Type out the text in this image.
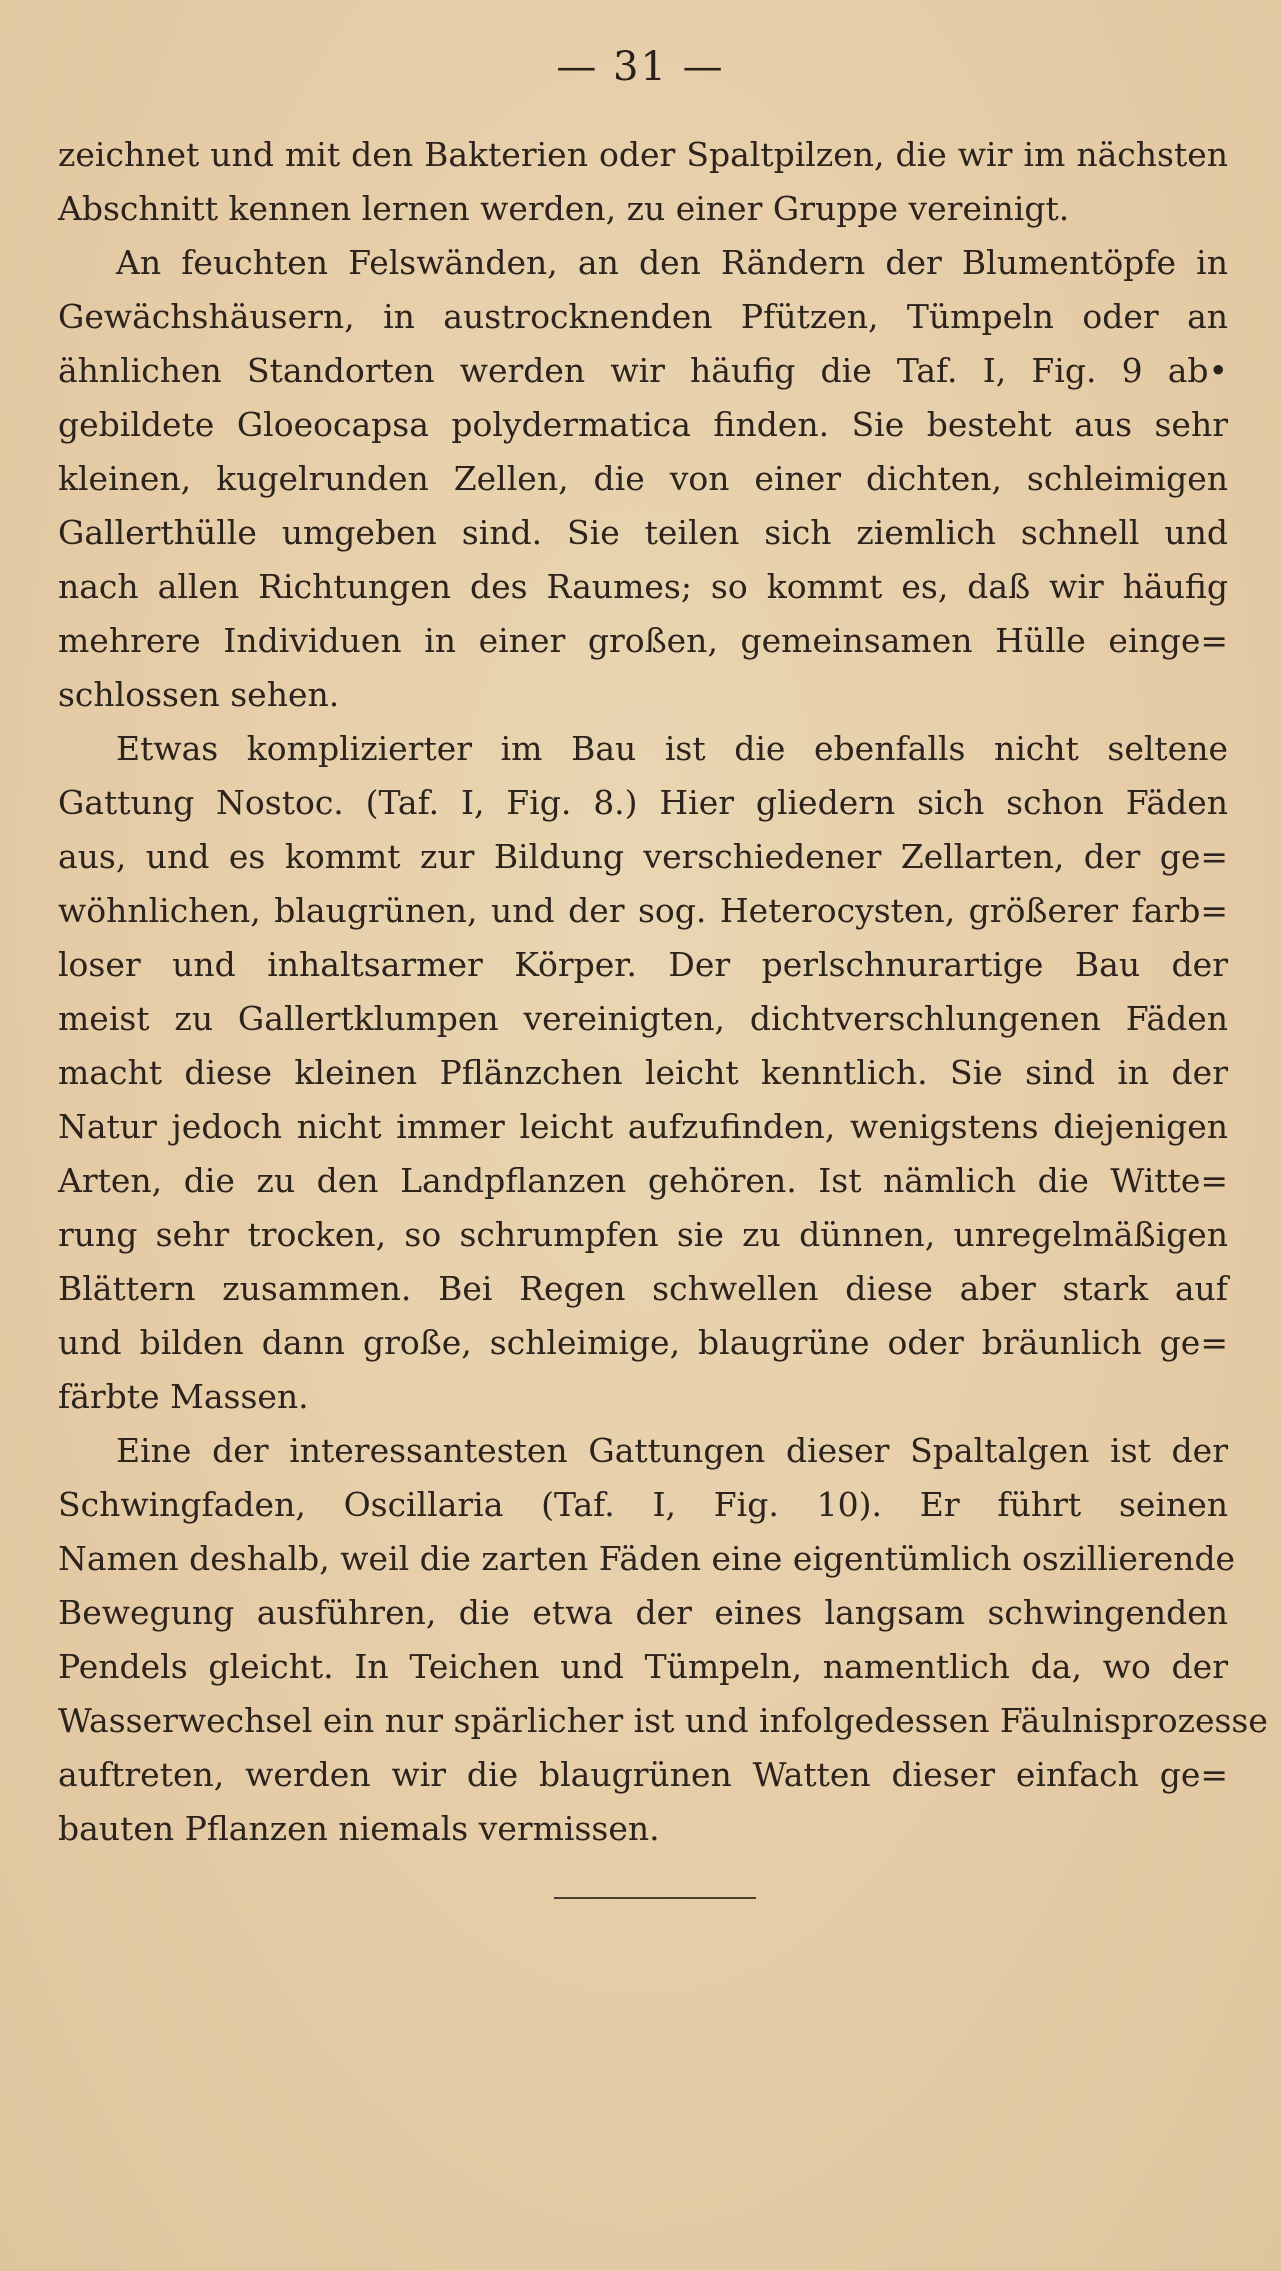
— 31 —
zeichnet und mit den Bakterien oder Spaltpilzen, die wir im nächsten
Abschnitt kennen lernen werden, zu einer Gruppe vereinigt.
An feuchten Felswänden, an den Rändern der Blumentöpfe in
Gewächshäusern, in austrocknenden Pfützen, Tümpeln oder an
ähnlichen Standorten werden wir häufig die Taf. I, Fig. 9 ab•
gebildete Gloeocapsa polydermatica finden. Sie besteht aus sehr
kleinen, kugelrunden Zellen, die von einer dichten, schleimigen
Gallerthülle umgeben sind. Sie teilen sich ziemlich schnell und
nach allen Richtungen des Raumes; so kommt es, daß wir häufig
mehrere Individuen in einer großen, gemeinsamen Hülle einge=
schlossen sehen.
Etwas komplizierter im Bau ist die ebenfalls nicht seltene
Gattung Nostoc. (Taf. I, Fig. 8.) Hier gliedern sich schon Fäden
aus, und es kommt zur Bildung verschiedener Zellarten, der ge=
wöhnlichen, blaugrünen, und der sog. Heterocysten, größerer farb=
loser und inhaltsarmer Körper. Der perlschnurartige Bau der
meist zu Gallertklumpen vereinigten, dichtverschlungenen Fäden
macht diese kleinen Pflänzchen leicht kenntlich. Sie sind in der
Natur jedoch nicht immer leicht aufzufinden, wenigstens diejenigen
Arten, die zu den Landpflanzen gehören. Ist nämlich die Witte=
rung sehr trocken, so schrumpfen sie zu dünnen, unregelmäßigen
Blättern zusammen. Bei Regen schwellen diese aber stark auf
und bilden dann große, schleimige, blaugrüne oder bräunlich ge=
färbte Massen.
Eine der interessantesten Gattungen dieser Spaltalgen ist der
Schwingfaden, Oscillaria (Taf. I, Fig. 10). Er führt seinen
Namen deshalb, weil die zarten Fäden eine eigentümlich oszillierende
Bewegung ausführen, die etwa der eines langsam schwingenden
Pendels gleicht. In Teichen und Tümpeln, namentlich da, wo der
Wasserwechsel ein nur spärlicher ist und infolgedessen Fäulnisprozesse
auftreten, werden wir die blaugrünen Watten dieser einfach ge=
bauten Pflanzen niemals vermissen.
